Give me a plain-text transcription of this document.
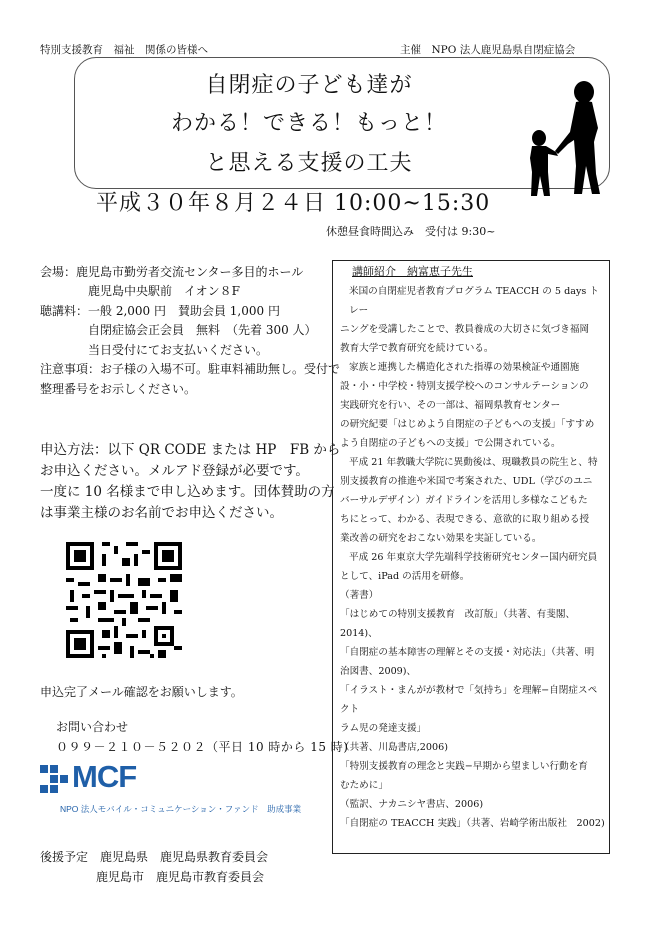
特別支援教育　福祉　関係の皆様へ	主催　NPO 法人鹿児島県自閉症協会
自閉症の子ども達が
わかる！できる！もっと！
と思える支援の工夫
平成３０年８月２４日 10:00~15:30
休憩昼食時間込み　受付は 9:30~
会場：鹿児島市勤労者交流センター多目的ホール
鹿児島中央駅前　イオン８F
聴講料：一般 2,000 円　賛助会員 1,000 円
自閉症協会正会員　無料　（先着 300 人）
当日受付にてお支払いください。
注意事項：お子様の入場不可。駐車料補助無し。受付で
整理番号をお示しください。
申込方法：以下 QR CODE または HP　FB から
お申込ください。メルアド登録が必要です。
一度に 10 名様まで申し込めます。団体賛助の方
は事業主様のお名前でお申込ください。
申込完了メール確認をお願いします。
お問い合わせ
０９９－２１０－５２０２（平日 10 時から 15 時)
MCF
NPO 法人モバイル・コミュニケーション・ファンド　助成事業
後援予定　鹿児島県　鹿児島県教育委員会
鹿児島市　鹿児島市教育委員会
講師紹介　納富恵子先生
米国の自閉症児者教育プログラム TEACCH の 5 days トレー
ニングを受講したことで、教員養成の大切さに気づき福岡
教育大学で教育研究を続けている。
家族と連携した構造化された指導の効果検証や通園施
設・小・中学校・特別支援学校へのコンサルテーションの
実践研究を行い、その一部は、福岡県教育センター
の研究紀要「はじめよう自閉症の子どもへの支援」「すすめ
よう自閉症の子どもへの支援」で公開されている。
平成 21 年教職大学院に異動後は、現職教員の院生と、特
別支援教育の推進や米国で考案された、UDL（学びのユニ
バーサルデザイン）ガイドラインを活用し多様なこどもた
ちにとって、わかる、表現できる、意欲的に取り組める授
業改善の研究をおこない効果を実証している。
平成 26 年東京大学先端科学技術研究センター国内研究員
として、iPad の活用を研修。
（著書）
「はじめての特別支援教育　改訂版」（共著、有斐閣、
2014)、
「自閉症の基本障害の理解とその支援・対応法」（共著、明
治図書、2009)、
「イラスト・まんがが教材で「気持ち」を理解−自閉症スペクト
ラム児の発達支援」
（共著、川島書店,2006)
「特別支援教育の理念と実践−早期から望ましい行動を育
むために」
（監訳、ナカニシヤ書店、2006)
「自閉症の TEACCH 実践」（共著、岩崎学術出版社　2002)
